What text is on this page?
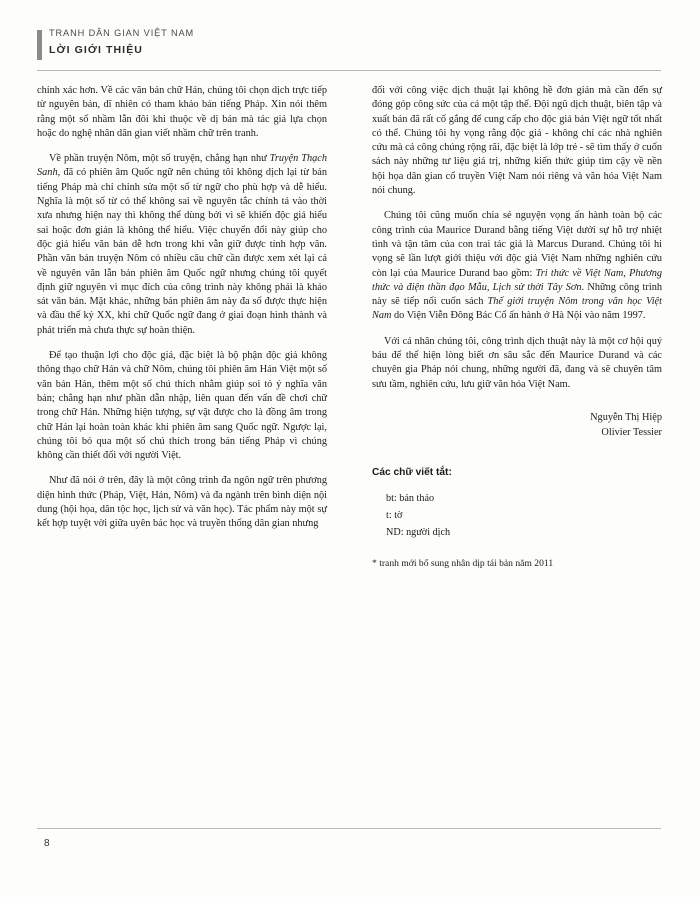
TRANH DÂN GIAN VIỆT NAM
LỜI GIỚI THIỆU

chính xác hơn. Về các văn bản chữ Hán, chúng tôi chọn dịch trực tiếp từ nguyên bản, dĩ nhiên có tham khảo bản tiếng Pháp. Xin nói thêm rằng một số nhầm lẫn đôi khi thuộc về dị bản mà tác giả lựa chọn hoặc do nghệ nhân dân gian viết nhầm chữ trên tranh.

Về phần truyện Nôm, một số truyện, chẳng hạn như Truyện Thạch Sanh, đã có phiên âm Quốc ngữ nên chúng tôi không dịch lại từ bản tiếng Pháp mà chỉ chỉnh sửa một số từ ngữ cho phù hợp và dễ hiểu. Nghĩa là một số từ có thể không sai về nguyên tắc chính tả vào thời xưa nhưng hiện nay thì không thể dùng bởi vì sẽ khiến độc giả hiểu sai hoặc đơn giản là không thể hiểu. Việc chuyển đổi này giúp cho độc giả hiểu văn bản dễ hơn trong khi vẫn giữ được tính hợp văn. Phần văn bản truyện Nôm có nhiều câu chữ cần được xem xét lại cả về nguyên văn lẫn bản phiên âm Quốc ngữ nhưng chúng tôi quyết định giữ nguyên vì mục đích của công trình này không phải là khảo sát văn bản. Mặt khác, những bản phiên âm này đa số được thực hiện và đầu thế kỷ XX, khi chữ Quốc ngữ đang ở giai đoạn hình thành và phát triển mà chưa thực sự hoàn thiện.

Để tạo thuận lợi cho độc giả, đặc biệt là bộ phận độc giả không thông thạo chữ Hán và chữ Nôm, chúng tôi phiên âm Hán Việt một số văn bản Hán, thêm một số chú thích nhằm giúp soi tỏ ý nghĩa văn bản; chẳng hạn như phần dẫn nhập, liên quan đến vấn đề chơi chữ trong chữ Hán. Những hiện tượng, sự vật được cho là đồng âm trong chữ Hán lại hoàn toàn khác khi phiên âm sang Quốc ngữ. Ngược lại, chúng tôi bỏ qua một số chú thích trong bản tiếng Pháp vì chúng không cần thiết đối với người Việt.

Như đã nói ở trên, đây là một công trình đa ngôn ngữ trên phương diện hình thức (Pháp, Việt, Hán, Nôm) và đa ngành trên bình diện nội dung (hội họa, dân tộc học, lịch sử và văn học). Tác phẩm này một sự kết hợp tuyệt vời giữa uyên bác học và truyền thống dân gian nhưng

đối với công việc dịch thuật lại không hề đơn giản mà cần đến sự đóng góp công sức của cả một tập thể. Đội ngũ dịch thuật, biên tập và xuất bản đã rất cố gắng để cung cấp cho độc giả bản Việt ngữ tốt nhất có thể. Chúng tôi hy vọng rằng độc giả - không chỉ các nhà nghiên cứu mà cả công chúng rộng rãi, đặc biệt là lớp trẻ - sẽ tìm thấy ở cuốn sách này những tư liệu giá trị, những kiến thức giúp tìm cậy về nền hội họa dân gian cổ truyền Việt Nam nói riêng và văn hóa Việt Nam nói chung.

Chúng tôi cũng muốn chia sẻ nguyện vọng ấn hành toàn bộ các công trình của Maurice Durand bằng tiếng Việt dưới sự hỗ trợ nhiệt tình và tận tâm của con trai tác giả là Marcus Durand. Chúng tôi hi vọng sẽ lần lượt giới thiệu với độc giả Việt Nam những nghiên cứu còn lại của Maurice Durand bao gồm: Tri thức về Việt Nam, Phương thức và điện thần đạo Mẫu, Lịch sử thời Tây Sơn. Những công trình này sẽ tiếp nối cuốn sách Thế giới truyện Nôm trong văn học Việt Nam do Viện Viễn Đông Bác Cổ ấn hành ở Hà Nội vào năm 1997.

Với cá nhân chúng tôi, công trình dịch thuật này là một cơ hội quý báu để thể hiện lòng biết ơn sâu sắc đến Maurice Durand và các chuyên gia Pháp nói chung, những người đã, đang và sẽ chuyên tâm sưu tầm, nghiên cứu, lưu giữ văn hóa Việt Nam.

Nguyễn Thị Hiệp
Olivier Tessier
Các chữ viết tắt:
bt: bản thảo
t: tờ
ND: người dịch
* tranh mới bổ sung nhân dịp tái bản năm 2011
8
